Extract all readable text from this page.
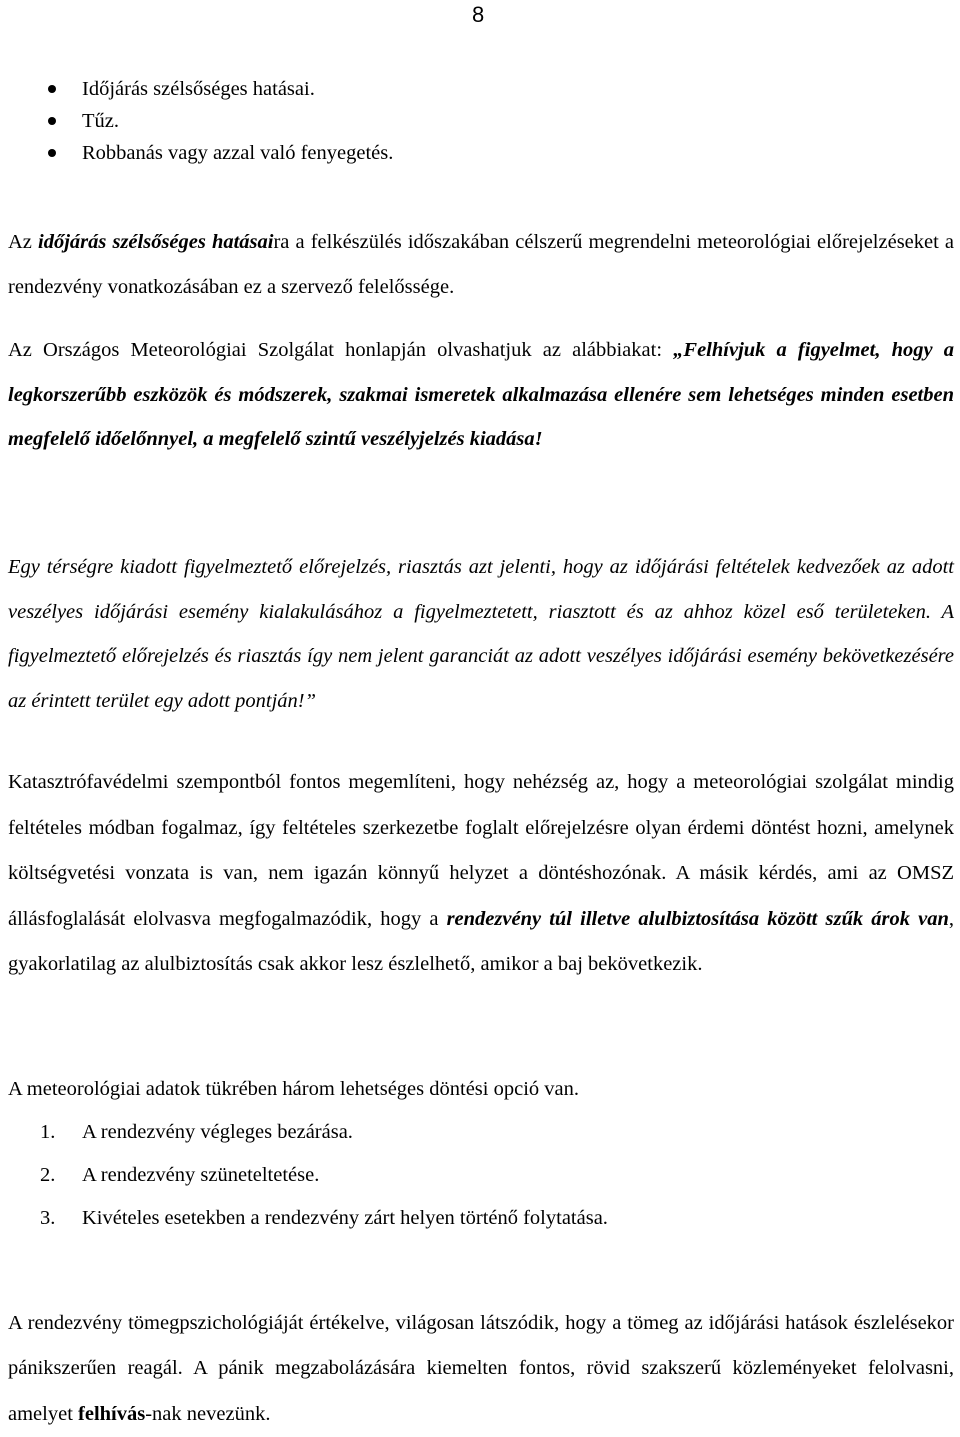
8
Időjárás szélsőséges hatásai.
Tűz.
Robbanás vagy azzal való fenyegetés.

Az időjárás szélsőséges hatásaira a felkészülés időszakában célszerű megrendelni meteorológiai előrejelzéseket a rendezvény vonatkozásában ez a szervező felelőssége.

Az Országos Meteorológiai Szolgálat honlapján olvashatjuk az alábbiakat: „Felhívjuk a figyelmet, hogy a legkorszerűbb eszközök és módszerek, szakmai ismeretek alkalmazása ellenére sem lehetséges minden esetben megfelelő időelőnnyel, a megfelelő szintű veszélyjelzés kiadása!

Egy térségre kiadott figyelmeztető előrejelzés, riasztás azt jelenti, hogy az időjárási feltételek kedvezőek az adott veszélyes időjárási esemény kialakulásához a figyelmeztetett, riasztott és az ahhoz közel eső területeken. A figyelmeztető előrejelzés és riasztás így nem jelent garanciát az adott veszélyes időjárási esemény bekövetkezésére az érintett terület egy adott pontján!”

Katasztrófavédelmi szempontból fontos megemlíteni, hogy nehézség az, hogy a meteorológiai szolgálat mindig feltételes módban fogalmaz, így feltételes szerkezetbe foglalt előrejelzésre olyan érdemi döntést hozni, amelynek költségvetési vonzata is van, nem igazán könnyű helyzet a döntéshozónak. A másik kérdés, ami az OMSZ állásfoglalását elolvasva megfogalmazódik, hogy a rendezvény túl illetve alulbiztosítása között szűk árok van, gyakorlatilag az alulbiztosítás csak akkor lesz észlelhető, amikor a baj bekövetkezik.

A meteorológiai adatok tükrében három lehetséges döntési opció van.

1.	A rendezvény végleges bezárása.
2.	A rendezvény szüneteltetése.
3.	Kivételes esetekben a rendezvény zárt helyen történő folytatása.

A rendezvény tömegpszichológiáját értékelve, világosan látszódik, hogy a tömeg az időjárási hatások észlelésekor pánikszerűen reagál. A pánik megzabolázására kiemelten fontos, rövid szakszerű közleményeket felolvasni, amelyet felhívás-nak nevezünk.
